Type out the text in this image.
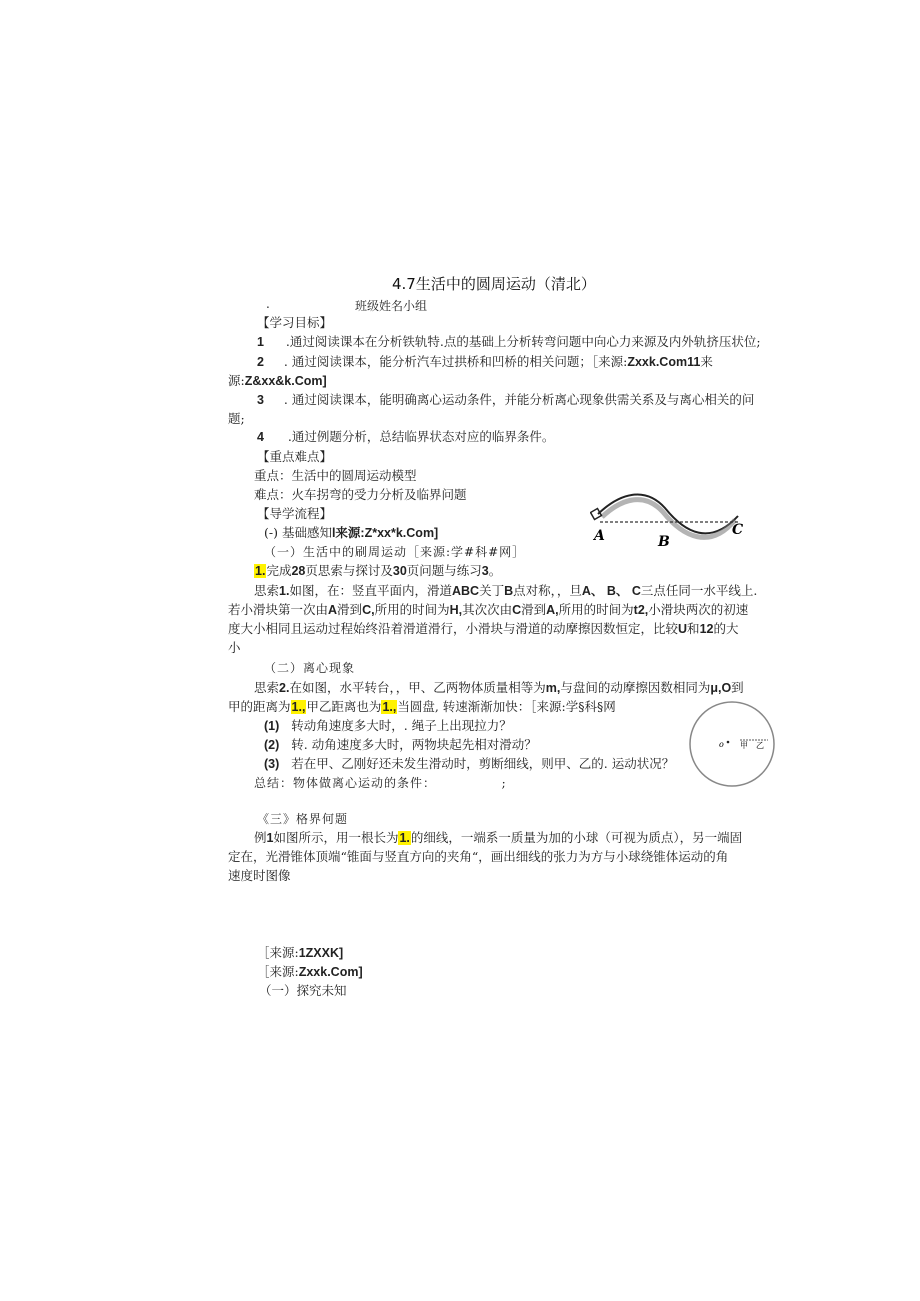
4.7生活中的圆周运动（清北）
.	班级姓名小组
【学习目标】
1 .通过阅读课本在分析铁轨特.点的基础上分析转弯问题中向心力来源及内外轨挤压状位;
2 . 通过阅读课本，能分析汽车过拱桥和凹桥的相关问题；［来源:Zxxk.Com11来
源:Z&xx&k.Com]
3 . 通过阅读课本，能明确离心运动条件，并能分析离心现象供需关系及与离心相关的问
题;
4 .通过例题分析，总结临界状态对应的临界条件。
【重点难点】
重点：生活中的圆周运动模型
难点：火车拐弯的受力分析及临界问题
【导学流程】
(-) 基础感知l来源:Z*xx*k.Com]
（一）生活中的刷周运动［来源:学#科#网］
1.完成28页思索与探讨及30页问题与练习3。
思索1.如图，在：竖直平面内，滑道ABC关丁B点对称，，旦A、 B、 C三点任同一水平线上.
若小滑块第一次由A滑到C,所用的时间为H,其次次由C滑到A,所用的时间为t2,小滑块两次的初速
度大小相同且运动过程始终沿着滑道滑行，小滑块与滑道的动摩擦因数恒定，比较U和12的大
小
（二）离心现象
思索2.在如图，水平转台，，甲、乙两物体质量相等为m,与盘间的动摩擦因数相同为μ,O到
甲的距离为1.,甲乙距离也为1.,当圆盘, 转速渐渐加快：［来源:学§科§网
(1) 转动角速度多大时，. 绳子上出现拉力？
(2) 转. 动角速度多大时，两物块起先相对滑动？
(3) 若在甲、乙刚好还未发生滑动时，剪断细线，则甲、乙的. 运动状况？
总结：物体做离心运动的条件：	;
《三》格界何题
例1如图所示，用一根长为1.的细线，一端系一质量为加的小球（可视为质点），另一端固
定在，光滑锥体顶端“锥面与竖直方向的夹角“，画出细线的张力为方与小球绕锥体运动的角
速度时图像
［来源:1ZXXK]
［来源:Zxxk.Com]
（一）探究未知
A	B
C
o 甲 乙
